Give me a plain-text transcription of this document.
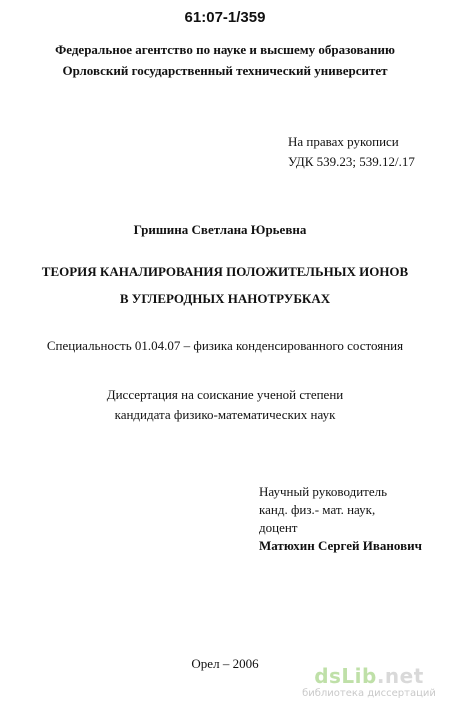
61:07-1/359
Федеральное агентство по науке и высшему образованию
Орловский государственный технический университет
На правах рукописи
УДК 539.23; 539.12/.17
Гришина Светлана Юрьевна
ТЕОРИЯ КАНАЛИРОВАНИЯ ПОЛОЖИТЕЛЬНЫХ ИОНОВ
В УГЛЕРОДНЫХ НАНОТРУБКАХ
Специальность 01.04.07 – физика конденсированного состояния
Диссертация на соискание ученой степени
кандидата физико-математических наук
Научный руководитель
канд. физ.- мат. наук,
доцент
Матюхин Сергей Иванович
Орел – 2006
dsLib.net
библиотека диссертаций
